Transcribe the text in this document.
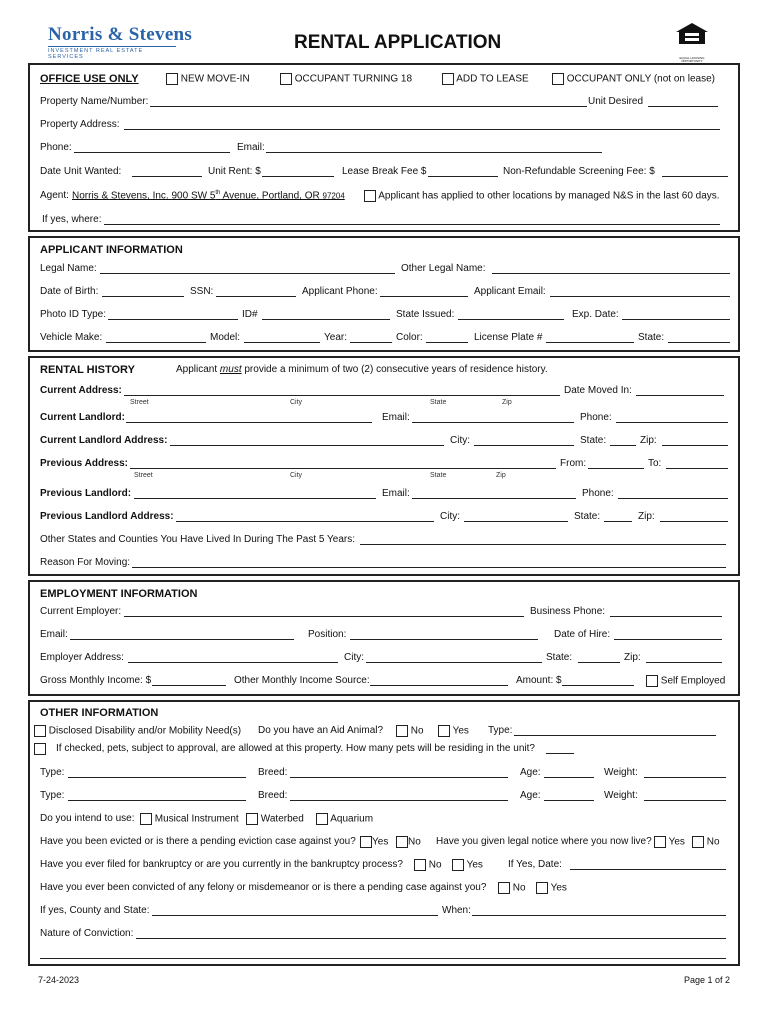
Norris & Stevens
INVESTMENT REAL ESTATE SERVICES
RENTAL APPLICATION
EQUAL HOUSING OPPORTUNITY
OFFICE USE ONLY	NEW MOVE-IN	OCCUPANT TURNING 18	ADD TO LEASE	OCCUPANT ONLY (not on lease)
Property Name/Number:	Unit Desired
Property Address:
Phone:	Email:
Date Unit Wanted:	Unit Rent: $	Lease Break Fee $	Non-Refundable Screening Fee: $
Agent: Norris & Stevens, Inc. 900 SW 5th Avenue, Portland, OR 97204	Applicant has applied to other locations by managed N&S in the last 60 days.
If yes, where:
APPLICANT INFORMATION
Legal Name:	Other Legal Name:
Date of Birth:	SSN:	Applicant Phone:	Applicant Email:
Photo ID Type:	ID#	State Issued:	Exp. Date:
Vehicle Make:	Model:	Year:	Color:	License Plate #	State:
RENTAL HISTORY	Applicant must provide a minimum of two (2) consecutive years of residence history.
Current Address:	Date Moved In:
Street	City	State	Zip
Current Landlord:	Email:	Phone:
Current Landlord Address:	City:	State:	Zip:
Previous Address:	From:	To:
Street	City	State	Zip
Previous Landlord:	Email:	Phone:
Previous Landlord Address:	City:	State:	Zip:
Other States and Counties You Have Lived In During The Past 5 Years:
Reason For Moving:
EMPLOYMENT INFORMATION
Current Employer:	Business Phone:
Email:	Position:	Date of Hire:
Employer Address:	City:	State:	Zip:
Gross Monthly Income: $	Other Monthly Income Source:	Amount: $	Self Employed
OTHER INFORMATION
Disclosed Disability and/or Mobility Need(s) Do you have an Aid Animal?	No	Yes Type:
If checked, pets, subject to approval, are allowed at this property. How many pets will be residing in the unit?
Type:	Breed:	Age:	Weight:
Type:	Breed:	Age:	Weight:
Do you intend to use:	Musical Instrument	Waterbed	Aquarium
Have you been evicted or is there a pending eviction case against you?	Yes	No Have you given legal notice where you now live?	Yes	No
Have you ever filed for bankruptcy or are you currently in the bankruptcy process?	No	Yes	If Yes, Date:
Have you ever been convicted of any felony or misdemeanor or is there a pending case against you?	No	Yes
If yes, County and State:	When:
Nature of Conviction:
7-24-2023	Page 1 of 2
